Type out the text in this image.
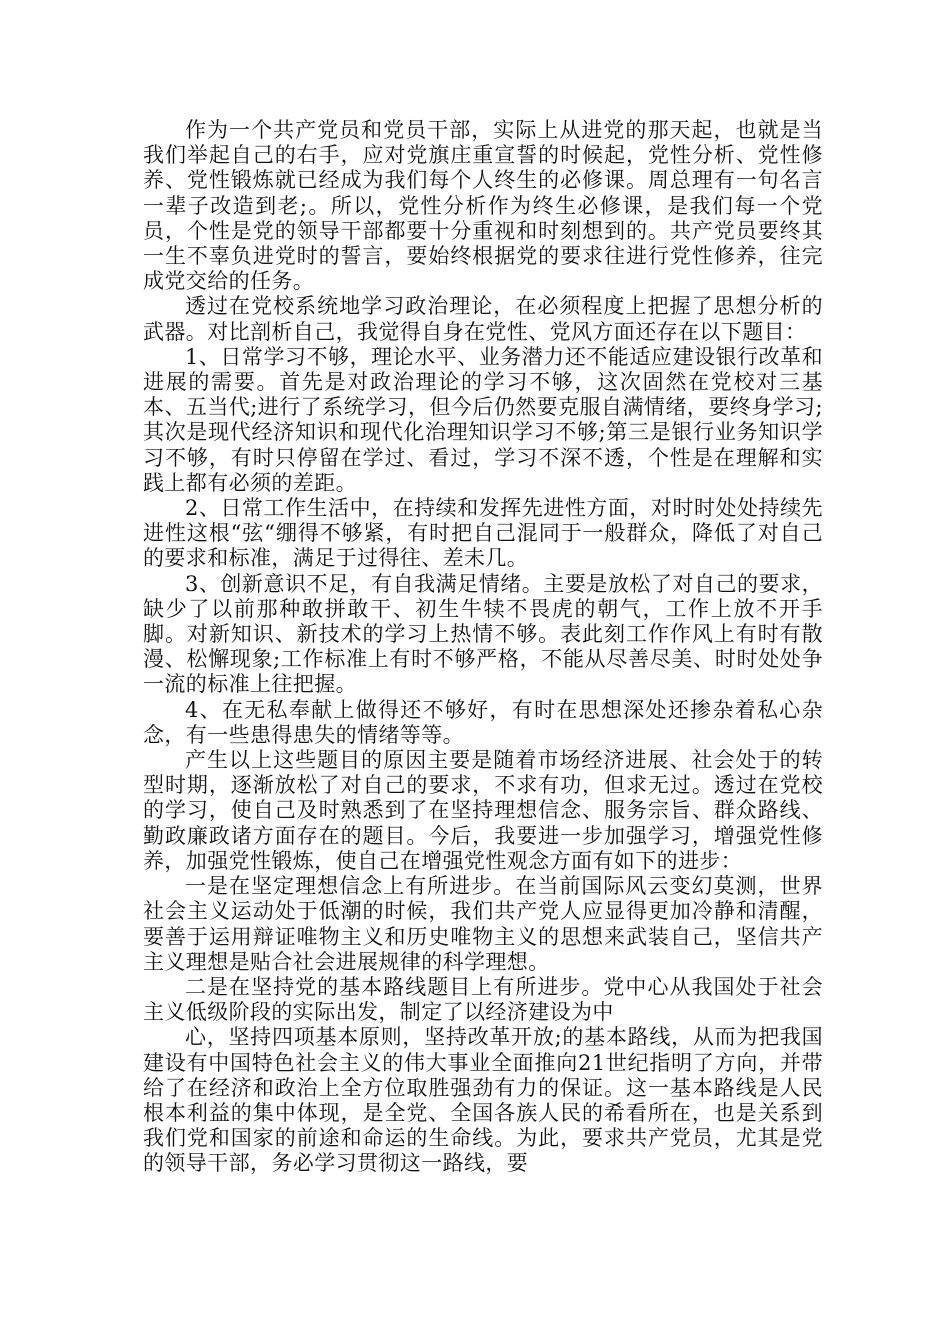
作为一个共产党员和党员干部，实际上从进党的那天起，也就是当我们举起自己的右手，应对党旗庄重宣誓的时候起，党性分析、党性修养、党性锻炼就已经成为我们每个人终生的必修课。周总理有一句名言一辈子改造到老;。所以，党性分析作为终生必修课，是我们每一个党员，个性是党的领导干部都要十分重视和时刻想到的。共产党员要终其一生不辜负进党时的誓言，要始终根据党的要求往进行党性修养，往完成党交给的任务。

透过在党校系统地学习政治理论，在必须程度上把握了思想分析的武器。对比剖析自己，我觉得自身在党性、党风方面还存在以下题目：

1、日常学习不够，理论水平、业务潜力还不能适应建设银行改革和进展的需要。首先是对政治理论的学习不够，这次固然在党校对三基本、五当代;进行了系统学习，但今后仍然要克服自满情绪，要终身学习;其次是现代经济知识和现代化治理知识学习不够;第三是银行业务知识学习不够，有时只停留在学过、看过，学习不深不透，个性是在理解和实践上都有必须的差距。

2、日常工作生活中，在持续和发挥先进性方面，对时时处处持续先进性这根“弦“绷得不够紧，有时把自己混同于一般群众，降低了对自己的要求和标准，满足于过得往、差未几。

3、创新意识不足，有自我满足情绪。主要是放松了对自己的要求，缺少了以前那种敢拼敢干、初生牛犊不畏虎的朝气，工作上放不开手脚。对新知识、新技术的学习上热情不够。表此刻工作作风上有时有散漫、松懈现象;工作标准上有时不够严格，不能从尽善尽美、时时处处争一流的标准上往把握。

4、在无私奉献上做得还不够好，有时在思想深处还掺杂着私心杂念，有一些患得患失的情绪等等。

产生以上这些题目的原因主要是随着市场经济进展、社会处于的转型时期，逐渐放松了对自己的要求，不求有功，但求无过。透过在党校的学习，使自己及时熟悉到了在坚持理想信念、服务宗旨、群众路线、勤政廉政诸方面存在的题目。今后，我要进一步加强学习，增强党性修养，加强党性锻炼，使自己在增强党性观念方面有如下的进步：

一是在坚定理想信念上有所进步。在当前国际风云变幻莫测，世界社会主义运动处于低潮的时候，我们共产党人应显得更加冷静和清醒，要善于运用辩证唯物主义和历史唯物主义的思想来武装自己，坚信共产主义理想是贴合社会进展规律的科学理想。

二是在坚持党的基本路线题目上有所进步。党中心从我国处于社会主义低级阶段的实际出发，制定了以经济建设为中

心，坚持四项基本原则，坚持改革开放;的基本路线，从而为把我国建设有中国特色社会主义的伟大事业全面推向21世纪指明了方向，并带给了在经济和政治上全方位取胜强劲有力的保证。这一基本路线是人民根本利益的集中体现，是全党、全国各族人民的希看所在，也是关系到我们党和国家的前途和命运的生命线。为此，要求共产党员，尤其是党的领导干部，务必学习贯彻这一路线，要
